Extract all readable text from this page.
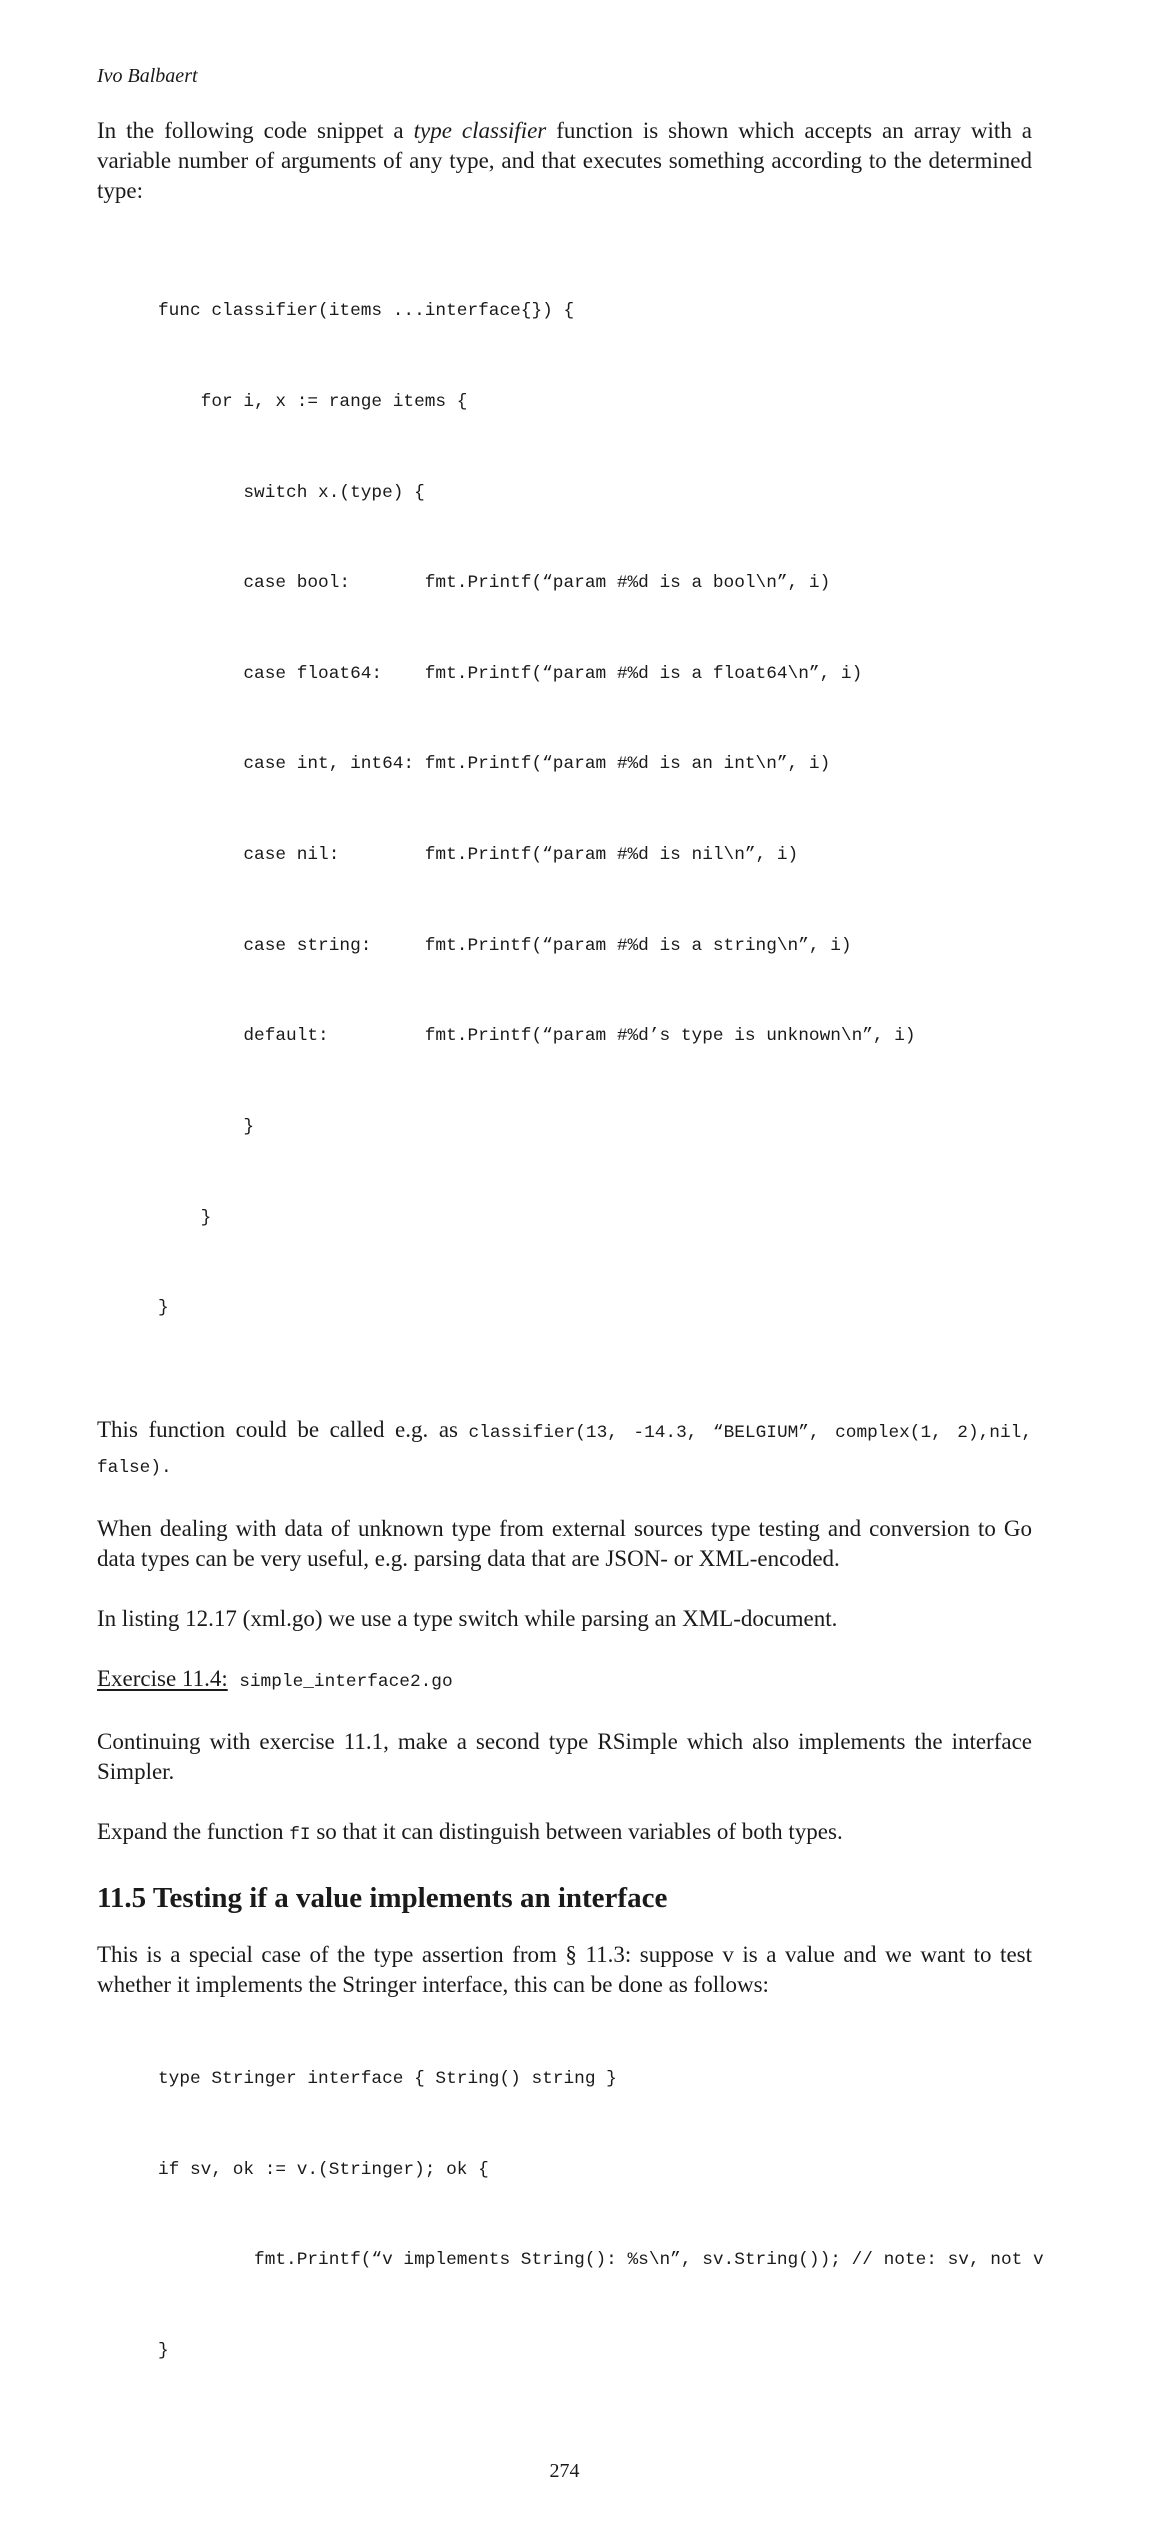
Ivo Balbaert
In the following code snippet a type classifier function is shown which accepts an array with a variable number of arguments of any type, and that executes something according to the determined type:

func classifier(items ...interface{}) {

for i, x := range items {

switch x.(type) {

case bool:       fmt.Printf(“param #%d is a bool\n”, i)

case float64:    fmt.Printf(“param #%d is a float64\n”, i)

case int, int64: fmt.Printf(“param #%d is an int\n”, i)

case nil:        fmt.Printf(“param #%d is nil\n”, i)

case string:     fmt.Printf(“param #%d is a string\n”, i)

default:         fmt.Printf(“param #%d’s type is unknown\n”, i)

}

}

}

This function could be called e.g. as classifier(13, -14.3, “BELGIUM”, complex(1, 2),nil, false).
When dealing with data of unknown type from external sources type testing and conversion to Go data types can be very useful, e.g. parsing data that are JSON- or XML-encoded.
In listing 12.17 (xml.go) we use a type switch while parsing an XML-document.
Exercise 11.4: simple_interface2.go
Continuing with exercise 11.1, make a second type RSimple which also implements the interface Simpler.
Expand the function fI so that it can distinguish between variables of both types.
11.5 Testing if a value implements an interface
This is a special case of the type assertion from § 11.3: suppose v is a value and we want to test whether it implements the Stringer interface, this can be done as follows:

type Stringer interface { String() string }

if sv, ok := v.(Stringer); ok {

fmt.Printf(“v implements String(): %s\n”, sv.String()); // note: sv, not v

}

274
